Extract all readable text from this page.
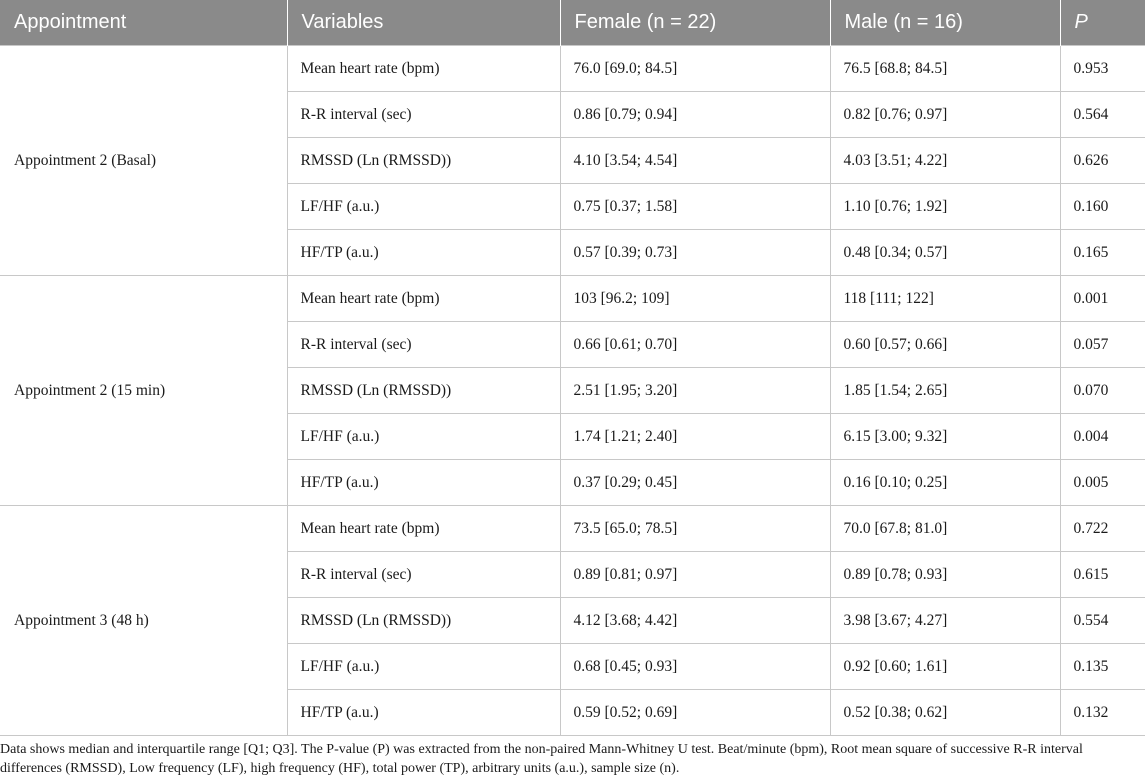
Appointment	Variables	Female (n = 22)	Male (n = 16)	P
Appointment 2 (Basal)	Mean heart rate (bpm)	76.0 [69.0; 84.5]	76.5 [68.8; 84.5]	0.953
	R-R interval (sec)	0.86 [0.79; 0.94]	0.82 [0.76; 0.97]	0.564
	RMSSD (Ln (RMSSD))	4.10 [3.54; 4.54]	4.03 [3.51; 4.22]	0.626
	LF/HF (a.u.)	0.75 [0.37; 1.58]	1.10 [0.76; 1.92]	0.160
	HF/TP (a.u.)	0.57 [0.39; 0.73]	0.48 [0.34; 0.57]	0.165
Appointment 2 (15 min)	Mean heart rate (bpm)	103 [96.2; 109]	118 [111; 122]	0.001
	R-R interval (sec)	0.66 [0.61; 0.70]	0.60 [0.57; 0.66]	0.057
	RMSSD (Ln (RMSSD))	2.51 [1.95; 3.20]	1.85 [1.54; 2.65]	0.070
	LF/HF (a.u.)	1.74 [1.21; 2.40]	6.15 [3.00; 9.32]	0.004
	HF/TP (a.u.)	0.37 [0.29; 0.45]	0.16 [0.10; 0.25]	0.005
Appointment 3 (48 h)	Mean heart rate (bpm)	73.5 [65.0; 78.5]	70.0 [67.8; 81.0]	0.722
	R-R interval (sec)	0.89 [0.81; 0.97]	0.89 [0.78; 0.93]	0.615
	RMSSD (Ln (RMSSD))	4.12 [3.68; 4.42]	3.98 [3.67; 4.27]	0.554
	LF/HF (a.u.)	0.68 [0.45; 0.93]	0.92 [0.60; 1.61]	0.135
	HF/TP (a.u.)	0.59 [0.52; 0.69]	0.52 [0.38; 0.62]	0.132
Data shows median and interquartile range [Q1; Q3]. The P-value (P) was extracted from the non-paired Mann-Whitney U test. Beat/minute (bpm), Root mean square of successive R-R interval differences (RMSSD), Low frequency (LF), high frequency (HF), total power (TP), arbitrary units (a.u.), sample size (n).
